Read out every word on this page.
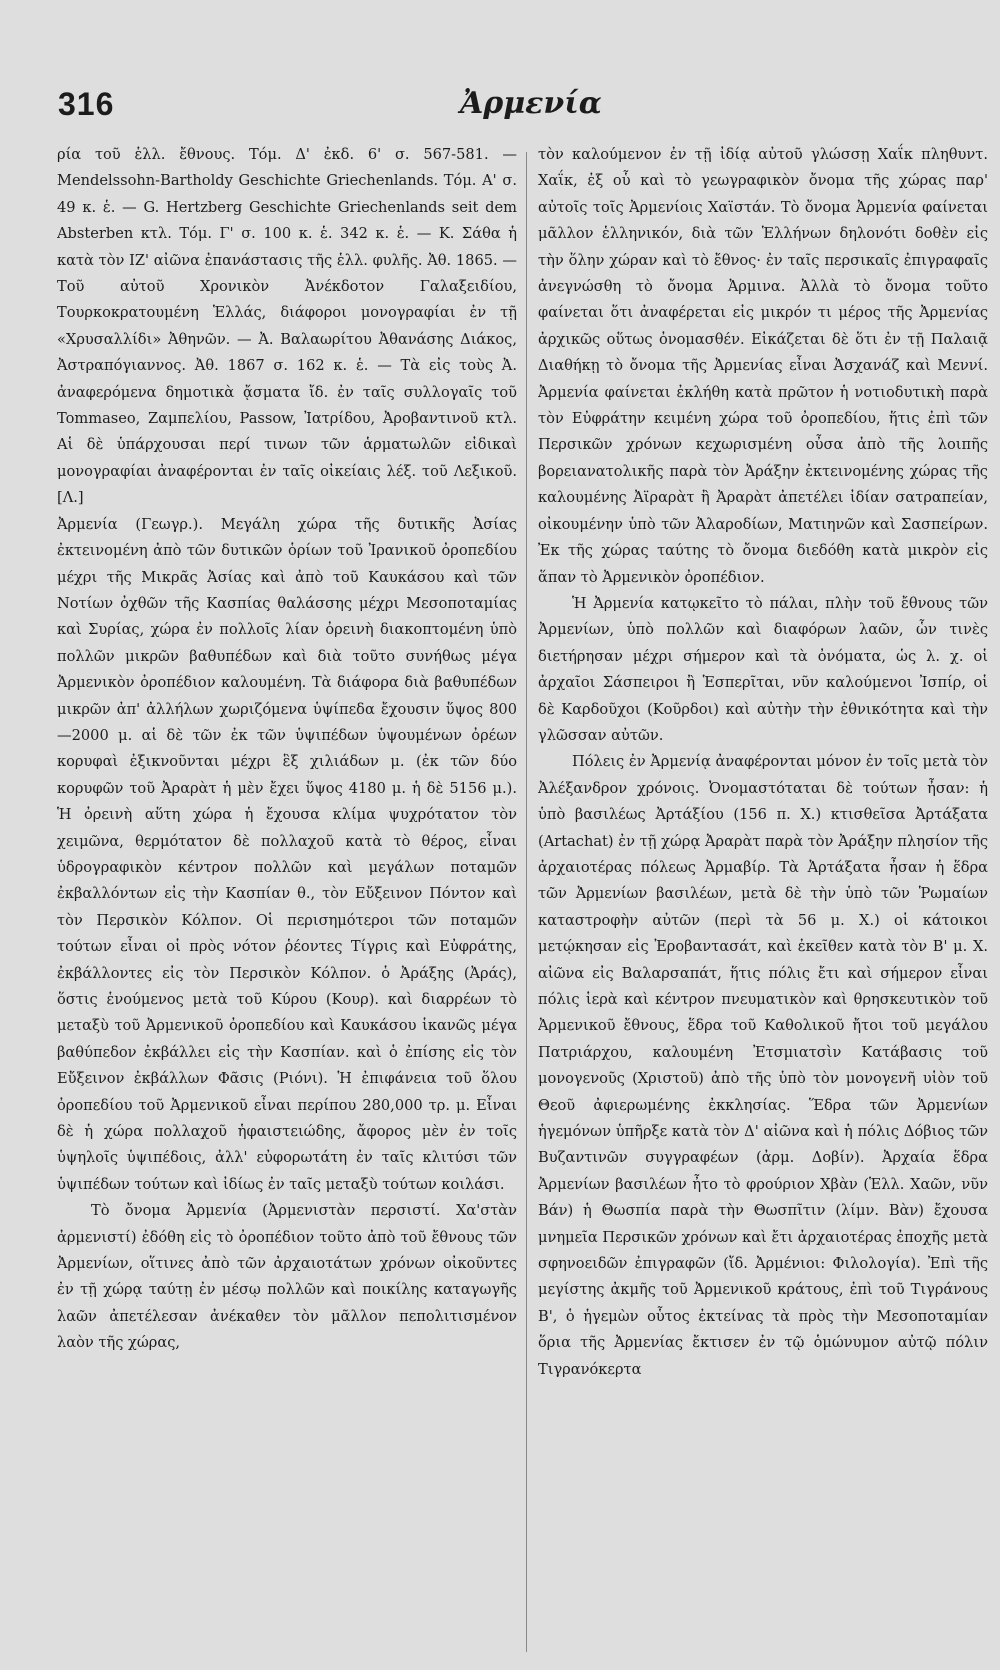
316	Ἀρμενία

ρία τοῦ ἑλλ. ἔθνους. Τόμ. Δ' ἐκδ. 6' σ. 567-581. — Mendelssohn-Bartholdy Geschichte Griechenlands. Τόμ. Α' σ. 49 κ. ἑ. — G. Hertzberg Geschichte Griechenlands seit dem Absterben κτλ. Τόμ. Γ' σ. 100 κ. ἑ. 342 κ. ἑ. — Κ. Σάθα ἡ κατὰ τὸν ΙΖ' αἰῶνα ἐπανάστασις τῆς ἑλλ. φυλῆς. Ἀθ. 1865. — Τοῦ αὐτοῦ Χρονικὸν Ἀνέκδοτον Γαλαξειδίου, Τουρκοκρατουμένη Ἑλλάς, διάφοροι μονογραφίαι ἐν τῇ «Χρυσαλλίδι» Ἀθηνῶν. — Ἀ. Βαλαωρίτου Ἀθανάσης Διάκος, Ἀστραπόγιαννος. Ἀθ. 1867 σ. 162 κ. ἑ. — Τὰ εἰς τοὺς Ἀ. ἀναφερόμενα δημοτικὰ ᾄσματα ἴδ. ἐν ταῖς συλλογαῖς τοῦ Tommaseo, Ζαμπελίου, Passow, Ἰατρίδου, Ἀροβαντινοῦ κτλ. Αἱ δὲ ὑπάρχουσαι περί τινων τῶν ἁρματωλῶν εἰδικαὶ μονογραφίαι ἀναφέρονται ἐν ταῖς οἰκείαις λέξ. τοῦ Λεξικοῦ. [Λ.]

Ἀρμενία (Γεωγρ.). Μεγάλη χώρα τῆς δυτικῆς Ἀσίας ἐκτεινομένη ἀπὸ τῶν δυτικῶν ὁρίων τοῦ Ἰρανικοῦ ὀροπεδίου μέχρι τῆς Μικρᾶς Ἀσίας καὶ ἀπὸ τοῦ Καυκάσου καὶ τῶν Νοτίων ὀχθῶν τῆς Κασπίας θαλάσσης μέχρι Μεσοποταμίας καὶ Συρίας, χώρα ἐν πολλοῖς λίαν ὀρεινὴ διακοπτομένη ὑπὸ πολλῶν μικρῶν βαθυπέδων καὶ διὰ τοῦτο συνήθως μέγα Ἀρμενικὸν ὀροπέδιον καλουμένη. Τὰ διάφορα διὰ βαθυπέδων μικρῶν ἀπ' ἀλλήλων χωριζόμενα ὑψίπεδα ἔχουσιν ὕψος 800—2000 μ. αἱ δὲ τῶν ἐκ τῶν ὑψιπέδων ὑψουμένων ὀρέων κορυφαὶ ἐξικνοῦνται μέχρι ἓξ χιλιάδων μ. (ἐκ τῶν δύο κορυφῶν τοῦ Ἀραρὰτ ἡ μὲν ἔχει ὕψος 4180 μ. ἡ δὲ 5156 μ.). Ἡ ὀρεινὴ αὕτη χώρα ἡ ἔχουσα κλίμα ψυχρότατον τὸν χειμῶνα, θερμότατον δὲ πολλαχοῦ κατὰ τὸ θέρος, εἶναι ὑδρογραφικὸν κέντρον πολλῶν καὶ μεγάλων ποταμῶν ἐκβαλλόντων εἰς τὴν Κασπίαν θ., τὸν Εὔξεινον Πόντον καὶ τὸν Περσικὸν Κόλπον. Οἱ περισημότεροι τῶν ποταμῶν τούτων εἶναι οἱ πρὸς νότον ῥέοντες Τίγρις καὶ Εὐφράτης, ἐκβάλλοντες εἰς τὸν Περσικὸν Κόλπον. ὁ Ἀράξης (Ἀράς), ὅστις ἑνούμενος μετὰ τοῦ Κύρου (Κουρ). καὶ διαρρέων τὸ μεταξὺ τοῦ Ἀρμενικοῦ ὀροπεδίου καὶ Καυκάσου ἱκανῶς μέγα βαθύπεδον ἐκβάλλει εἰς τὴν Κασπίαν. καὶ ὁ ἐπίσης εἰς τὸν Εὔξεινον ἐκβάλλων Φᾶσις (Ριόνι). Ἡ ἐπιφάνεια τοῦ ὅλου ὀροπεδίου τοῦ Ἀρμενικοῦ εἶναι περίπου 280,000 τρ. μ. Εἶναι δὲ ἡ χώρα πολλαχοῦ ἡφαιστειώδης, ἄφορος μὲν ἐν τοῖς ὑψηλοῖς ὑψιπέδοις, ἀλλ' εὐφορωτάτη ἐν ταῖς κλιτύσι τῶν ὑψιπέδων τούτων καὶ ἰδίως ἐν ταῖς μεταξὺ τούτων κοιλάσι.

Τὸ ὄνομα Ἀρμενία (Ἀρμενιστὰν περσιστί. Χα'στὰν ἀρμενιστί) ἐδόθη εἰς τὸ ὀροπέδιον τοῦτο ἀπὸ τοῦ ἔθνους τῶν Ἀρμενίων, οἵτινες ἀπὸ τῶν ἀρχαιοτάτων χρόνων οἰκοῦντες ἐν τῇ χώρᾳ ταύτῃ ἐν μέσῳ πολλῶν καὶ ποικίλης καταγωγῆς λαῶν ἀπετέλεσαν ἀνέκαθεν τὸν μᾶλλον πεπολιτισμένον λαὸν τῆς χώρας,

τὸν καλούμενον ἐν τῇ ἰδίᾳ αὐτοῦ γλώσσῃ Χαΐκ πληθυντ. Χαΐκ, ἐξ οὗ καὶ τὸ γεωγραφικὸν ὄνομα τῆς χώρας παρ' αὐτοῖς τοῖς Ἀρμενίοις Χαϊστάν. Τὸ ὄνομα Ἀρμενία φαίνεται μᾶλλον ἑλληνικόν, διὰ τῶν Ἑλλήνων δηλονότι δοθὲν εἰς τὴν ὅλην χώραν καὶ τὸ ἔθνος· ἐν ταῖς περσικαῖς ἐπιγραφαῖς ἀνεγνώσθη τὸ ὄνομα Ἀρμινα. Ἀλλὰ τὸ ὄνομα τοῦτο φαίνεται ὅτι ἀναφέρεται εἰς μικρόν τι μέρος τῆς Ἀρμενίας ἀρχικῶς οὕτως ὀνομασθέν. Εἰκάζεται δὲ ὅτι ἐν τῇ Παλαιᾷ Διαθήκῃ τὸ ὄνομα τῆς Ἀρμενίας εἶναι Ἀσχανάζ καὶ Μεννί. Ἀρμενία φαίνεται ἐκλήθη κατὰ πρῶτον ἡ νοτιοδυτικὴ παρὰ τὸν Εὐφράτην κειμένη χώρα τοῦ ὀροπεδίου, ἥτις ἐπὶ τῶν Περσικῶν χρόνων κεχωρισμένη οὖσα ἀπὸ τῆς λοιπῆς βορειανατολικῆς παρὰ τὸν Ἀράξην ἐκτεινομένης χώρας τῆς καλουμένης Ἀϊραρὰτ ἢ Ἀραρὰτ ἀπετέλει ἰδίαν σατραπείαν, οἰκουμένην ὑπὸ τῶν Ἀλαροδίων, Ματιηνῶν καὶ Σασπείρων. Ἐκ τῆς χώρας ταύτης τὸ ὄνομα διεδόθη κατὰ μικρὸν εἰς ἅπαν τὸ Ἀρμενικὸν ὀροπέδιον.

Ἡ Ἀρμενία κατῳκεῖτο τὸ πάλαι, πλὴν τοῦ ἔθνους τῶν Ἀρμενίων, ὑπὸ πολλῶν καὶ διαφόρων λαῶν, ὧν τινὲς διετήρησαν μέχρι σήμερον καὶ τὰ ὀνόματα, ὡς λ. χ. οἱ ἀρχαῖοι Σάσπειροι ἢ Ἑσπερῖται, νῦν καλούμενοι Ἰσπίρ, οἱ δὲ Καρδοῦχοι (Κοῦρδοι) καὶ αὐτὴν τὴν ἐθνικότητα καὶ τὴν γλῶσσαν αὐτῶν.

Πόλεις ἐν Ἀρμενίᾳ ἀναφέρονται μόνον ἐν τοῖς μετὰ τὸν Ἀλέξανδρον χρόνοις. Ὀνομαστόταται δὲ τούτων ἦσαν: ἡ ὑπὸ βασιλέως Ἀρτάξίου (156 π. Χ.) κτισθεῖσα Ἀρτάξατα (Artachat) ἐν τῇ χώρᾳ Ἀραρὰτ παρὰ τὸν Ἀράξην πλησίον τῆς ἀρχαιοτέρας πόλεως Ἀρμαβίρ. Τὰ Ἀρτάξατα ἦσαν ἡ ἕδρα τῶν Ἀρμενίων βασιλέων, μετὰ δὲ τὴν ὑπὸ τῶν Ῥωμαίων καταστροφὴν αὐτῶν (περὶ τὰ 56 μ. Χ.) οἱ κάτοικοι μετῴκησαν εἰς Ἐροβαντασάτ, καὶ ἐκεῖθεν κατὰ τὸν Β' μ. Χ. αἰῶνα εἰς Βαλαρσαπάτ, ἥτις πόλις ἔτι καὶ σήμερον εἶναι πόλις ἱερὰ καὶ κέντρον πνευματικὸν καὶ θρησκευτικὸν τοῦ Ἀρμενικοῦ ἔθνους, ἕδρα τοῦ Καθολικοῦ ἤτοι τοῦ μεγάλου Πατριάρχου, καλουμένη Ἐτσμιατσὶν Κατάβασις τοῦ μονογενοῦς (Χριστοῦ) ἀπὸ τῆς ὑπὸ τὸν μονογενῆ υἱὸν τοῦ Θεοῦ ἀφιερωμένης ἐκκλησίας. Ἕδρα τῶν Ἀρμενίων ἡγεμόνων ὑπῆρξε κατὰ τὸν Δ' αἰῶνα καὶ ἡ πόλις Δόβιος τῶν Βυζαντινῶν συγγραφέων (ἀρμ. Δοβίν). Ἀρχαία ἕδρα Ἀρμενίων βασιλέων ἦτο τὸ φρούριον Χβὰν (Ἑλλ. Χαῶν, νῦν Βάν) ἡ Θωσπία παρὰ τὴν Θωσπῖτιν (λίμν. Βὰν) ἔχουσα μνημεῖα Περσικῶν χρόνων καὶ ἔτι ἀρχαιοτέρας ἐποχῆς μετὰ σφηνοειδῶν ἐπιγραφῶν (ἴδ. Ἀρμένιοι: Φιλολογία). Ἐπὶ τῆς μεγίστης ἀκμῆς τοῦ Ἀρμενικοῦ κράτους, ἐπὶ τοῦ Τιγράνους Β', ὁ ἡγεμὼν οὗτος ἐκτείνας τὰ πρὸς τὴν Μεσοποταμίαν ὅρια τῆς Ἀρμενίας ἔκτισεν ἐν τῷ ὁμώνυμον αὐτῷ πόλιν Τιγρανόκερτα
